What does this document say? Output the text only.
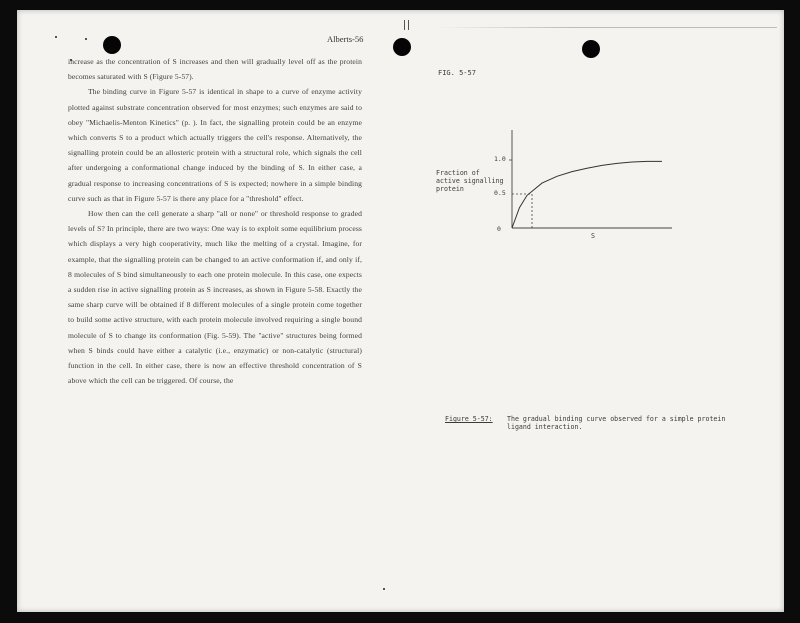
Alberts-56

increase as the concentration of S increases and then will gradually level off as the protein becomes saturated with S (Figure 5-57).

The binding curve in Figure 5-57 is identical in shape to a curve of enzyme activity plotted against substrate concentration observed for most enzymes; such enzymes are said to obey "Michaelis-Menton Kinetics" (p. ). In fact, the signalling protein could be an enzyme which converts S to a product which actually triggers the cell's response. Alternatively, the signalling protein could be an allosteric protein with a structural role, which signals the cell after undergoing a conformational change induced by the binding of S. In either case, a gradual response to increasing concentrations of S is expected; nowhere in a simple binding curve such as that in Figure 5-57 is there any place for a "threshold" effect.

How then can the cell generate a sharp "all or none" or threshold response to graded levels of S? In principle, there are two ways: One way is to exploit some equilibrium process which displays a very high cooperativity, much like the melting of a crystal. Imagine, for example, that the signalling protein can be changed to an active conformation if, and only if, 8 molecules of S bind simultaneously to each one protein molecule. In this case, one expects a sudden rise in active signalling protein as S increases, as shown in Figure 5-58. Exactly the same sharp curve will be obtained if 8 different molecules of a single protein come together to build some active structure, with each protein molecule involved requiring a single bound molecule of S to change its conformation (Fig. 5-59). The "active" structures being formed when S binds could have either a catalytic (i.e., enzymatic) or non-catalytic (structural) function in the cell. In either case, there is now an effective threshold concentration of S above which the cell can be triggered. Of course, the

FIG. 5-57
Fraction of
active signalling
protein
1.0
0.5
0
S
Figure 5-57: The gradual binding curve observed for a simple protein ligand interaction.
